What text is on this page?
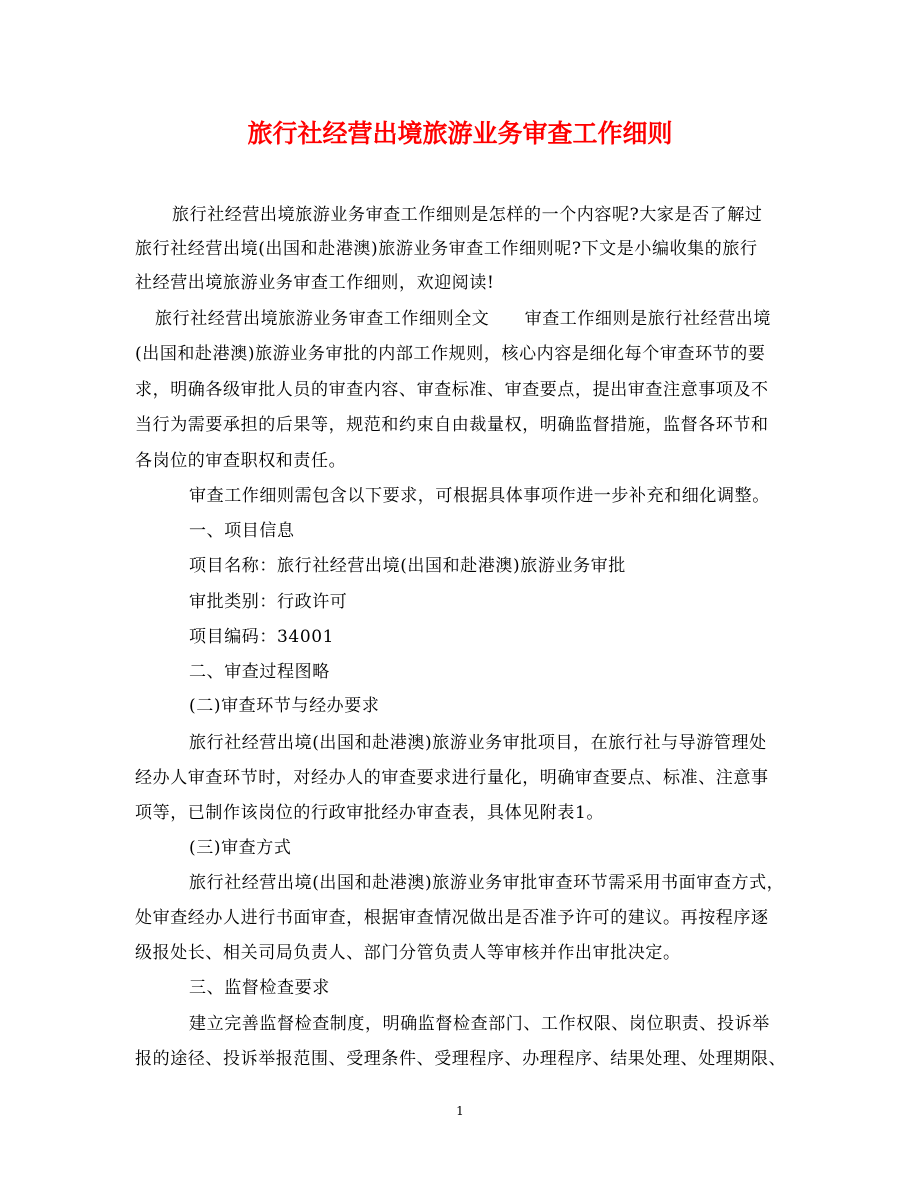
旅行社经营出境旅游业务审查工作细则
旅行社经营出境旅游业务审查工作细则是怎样的一个内容呢?大家是否了解过
旅行社经营出境(出国和赴港澳)旅游业务审查工作细则呢?下文是小编收集的旅行
社经营出境旅游业务审查工作细则，欢迎阅读!
旅行社经营出境旅游业务审查工作细则全文　　审查工作细则是旅行社经营出境
(出国和赴港澳)旅游业务审批的内部工作规则，核心内容是细化每个审查环节的要
求，明确各级审批人员的审查内容、审查标准、审查要点，提出审查注意事项及不
当行为需要承担的后果等，规范和约束自由裁量权，明确监督措施，监督各环节和
各岗位的审查职权和责任。
审查工作细则需包含以下要求，可根据具体事项作进一步补充和细化调整。
一、项目信息
项目名称：旅行社经营出境(出国和赴港澳)旅游业务审批
审批类别：行政许可
项目编码：34001
二、审查过程图略
(二)审查环节与经办要求
旅行社经营出境(出国和赴港澳)旅游业务审批项目，在旅行社与导游管理处
经办人审查环节时，对经办人的审查要求进行量化，明确审查要点、标准、注意事
项等，已制作该岗位的行政审批经办审查表，具体见附表1。
(三)审查方式
旅行社经营出境(出国和赴港澳)旅游业务审批审查环节需采用书面审查方式，
处审查经办人进行书面审查，根据审查情况做出是否准予许可的建议。再按程序逐
级报处长、相关司局负责人、部门分管负责人等审核并作出审批决定。
三、监督检查要求
建立完善监督检查制度，明确监督检查部门、工作权限、岗位职责、投诉举
报的途径、投诉举报范围、受理条件、受理程序、办理程序、结果处理、处理期限、
1
